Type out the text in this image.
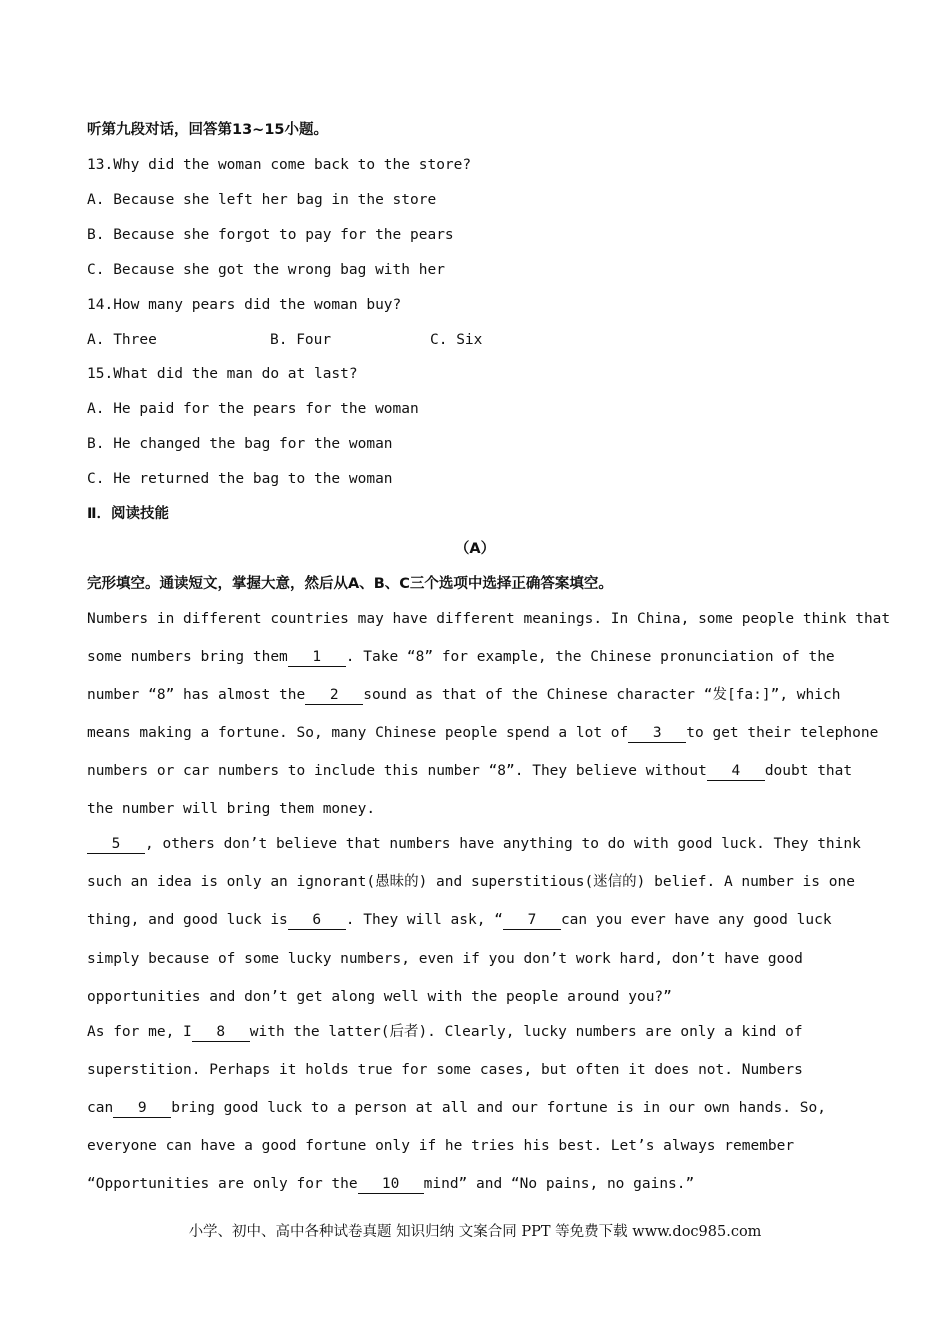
听第九段对话，回答第13~15小题。
13.Why did the woman come back to the store?
A. Because she left her bag in the store
B. Because she forgot to pay for the pears
C. Because she got the wrong bag with her
14.How many pears did the woman buy?
A. Three	B. Four	C. Six
15.What did the man do at last?
A. He paid for the pears for the woman
B. He changed the bag for the woman
C. He returned the bag to the woman
Ⅱ．阅读技能
（A）
完形填空。通读短文，掌握大意，然后从A、B、C三个选项中选择正确答案填空。
Numbers in different countries may have different meanings. In China, some people think that
some numbers bring them 1 . Take “8” for example, the Chinese pronunciation of the
number “8” has almost the 2 sound as that of the Chinese character “发[fa:]”, which
means making a fortune. So, many Chinese people spend a lot of 3 to get their telephone
numbers or car numbers to include this number “8”. They believe without 4 doubt that
the number will bring them money.
5 , others don’t believe that numbers have anything to do with good luck. They think
such an idea is only an ignorant(愚昧的) and superstitious(迷信的) belief. A number is one
thing, and good luck is 6 . They will ask, “ 7 can you ever have any good luck
simply because of some lucky numbers, even if you don’t work hard, don’t have good
opportunities and don’t get along well with the people around you?”
As for me, I 8 with the latter(后者). Clearly, lucky numbers are only a kind of
superstition. Perhaps it holds true for some cases, but often it does not. Numbers
can 9 bring good luck to a person at all and our fortune is in our own hands. So,
everyone can have a good fortune only if he tries his best. Let’s always remember
“Opportunities are only for the 10 mind” and “No pains, no gains.”
小学、初中、高中各种试卷真题 知识归纳 文案合同 PPT 等免费下载 www.doc985.com
